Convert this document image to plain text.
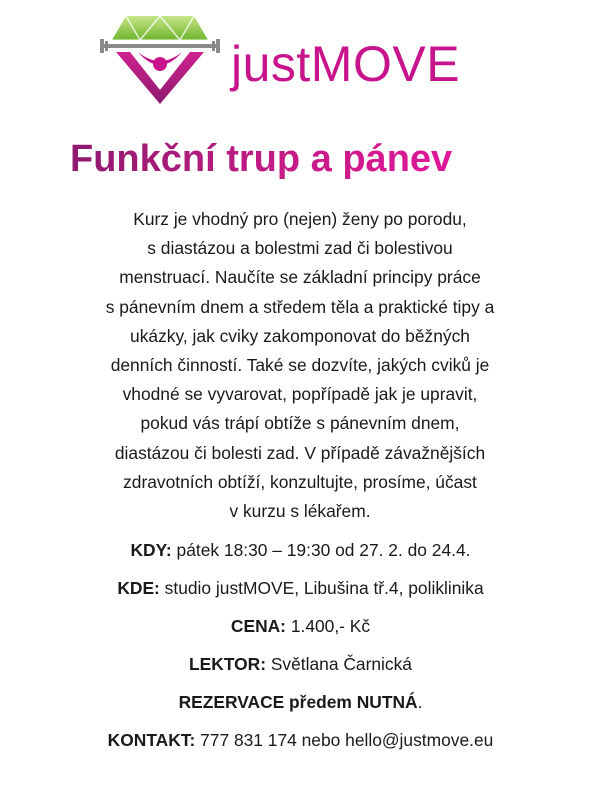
justMOVE
Funkční trup a pánev

Kurz je vhodný pro (nejen) ženy po porodu,
s diastázou a bolestmi zad či bolestivou
menstruací. Naučíte se základní principy práce
s pánevním dnem a středem těla a praktické tipy a
ukázky, jak cviky zakomponovat do běžných
denních činností. Také se dozvíte, jakých cviků je
vhodné se vyvarovat, popřípadě jak je upravit,
pokud vás trápí obtíže s pánevním dnem,
diastázou či bolesti zad. V případě závažnějších
zdravotních obtíží, konzultujte, prosíme, účast
v kurzu s lékařem.

KDY: pátek 18:30 – 19:30 od 27. 2. do 24.4.

KDE: studio justMOVE, Libušina tř.4, poliklinika

CENA: 1.400,- Kč

LEKTOR: Světlana Čarnická

REZERVACE předem NUTNÁ.

KONTAKT: 777 831 174 nebo hello@justmove.eu
